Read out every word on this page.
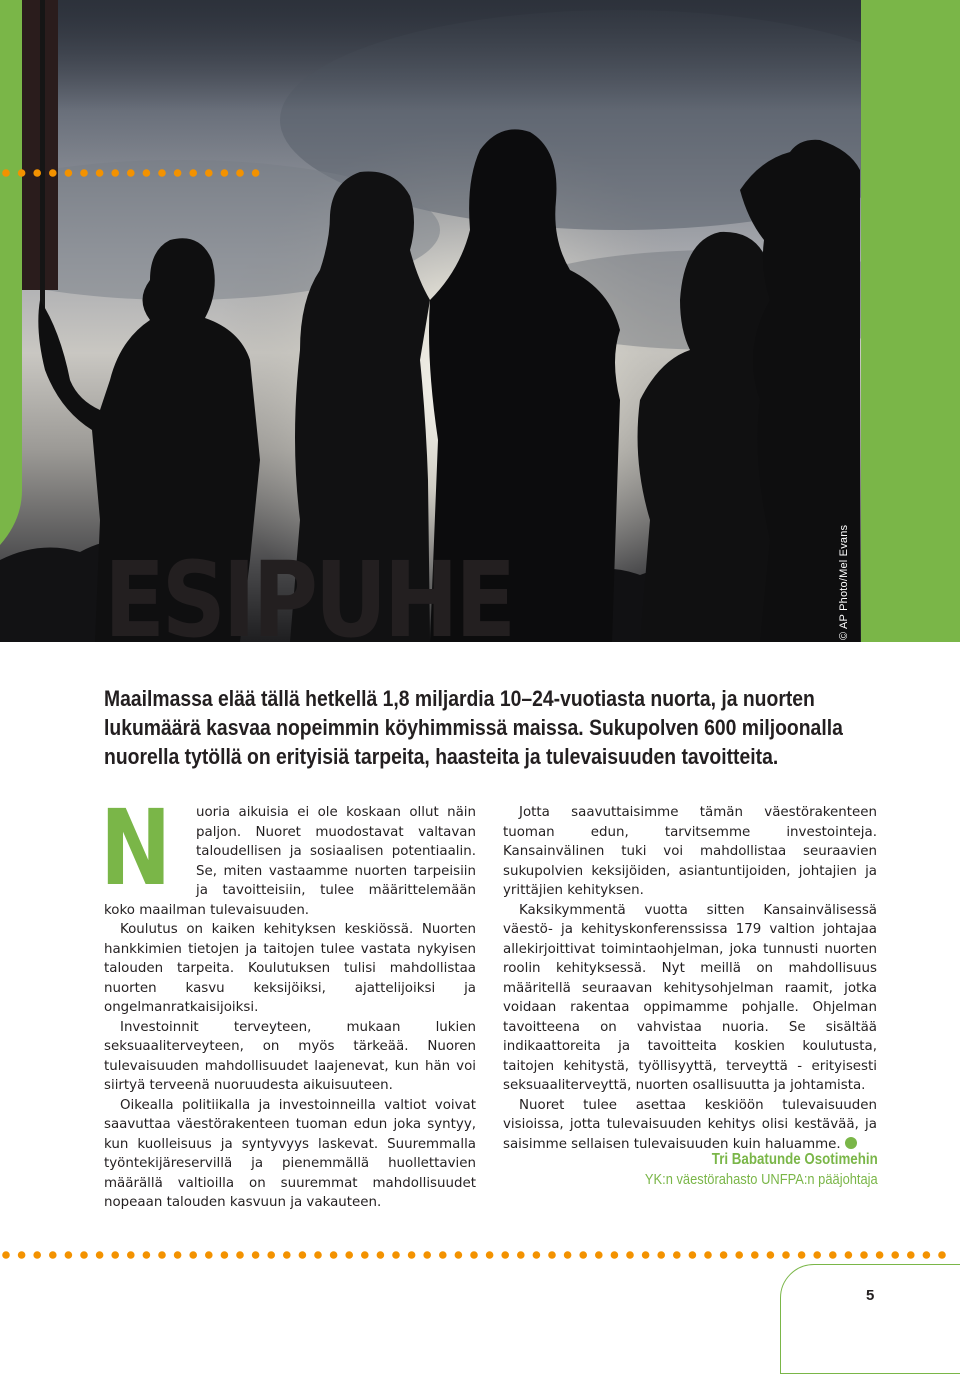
© AP Photo/Mel Evans
ESIPUHE

Maailmassa elää tällä hetkellä 1,8 miljardia 10–24-vuotiasta nuorta, ja nuorten lukumäärä kasvaa nopeimmin köyhimmissä maissa. Sukupolven 600 miljoonalla nuorella tytöllä on erityisiä tarpeita, haasteita ja tulevaisuuden tavoitteita.

N uoria aikuisia ei ole koskaan ollut näin paljon. Nuoret muodostavat valtavan taloudellisen ja sosiaalisen potentiaalin. Se, miten vastaamme nuorten tarpeisiin ja tavoitteisiin, tulee määrittelemään koko maailman tulevaisuuden.

Koulutus on kaiken kehityksen keskiössä. Nuorten hankkimien tietojen ja taitojen tulee vastata nykyisen talouden tarpeita. Koulutuksen tulisi mahdollistaa nuorten kasvu keksijöiksi, ajattelijoiksi ja ongelmanratkaisijoiksi.

Investoinnit terveyteen, mukaan lukien seksuaaliterveyteen, on myös tärkeää. Nuoren tulevaisuuden mahdollisuudet laajenevat, kun hän voi siirtyä terveenä nuoruudesta aikuisuuteen.

Oikealla politiikalla ja investoinneilla valtiot voivat saavuttaa väestörakenteen tuoman edun joka syntyy, kun kuolleisuus ja syntyvyys laskevat. Suuremmalla työntekijäreservillä ja pienemmällä huollettavien määrällä valtioilla on suuremmat mahdollisuudet nopeaan talouden kasvuun ja vakauteen.

Jotta saavuttaisimme tämän väestörakenteen tuoman edun, tarvitsemme investointeja. Kansainvälinen tuki voi mahdollistaa seuraavien sukupolvien keksijöiden, asiantuntijoiden, johtajien ja yrittäjien kehityksen.

Kaksikymmentä vuotta sitten Kansainvälisessä väestö- ja kehityskonferenssissa 179 valtion johtajaa allekirjoittivat toimintaohjelman, joka tunnusti nuorten roolin kehityksessä. Nyt meillä on mahdollisuus määritellä seuraavan kehitysohjelman raamit, jotka voidaan rakentaa oppimamme pohjalle. Ohjelman tavoitteena on vahvistaa nuoria. Se sisältää indikaattoreita ja tavoitteita koskien koulutusta, taitojen kehitystä, työllisyyttä, terveyttä - erityisesti seksuaaliterveyttä, nuorten osallisuutta ja johtamista.

Nuoret tulee asettaa keskiöön tulevaisuuden visioissa, jotta tulevaisuuden kehitys olisi kestävää, ja saisimme sellaisen tulevaisuuden kuin haluamme.

Tri Babatunde Osotimehin
YK:n väestörahasto UNFPA:n pääjohtaja
5
